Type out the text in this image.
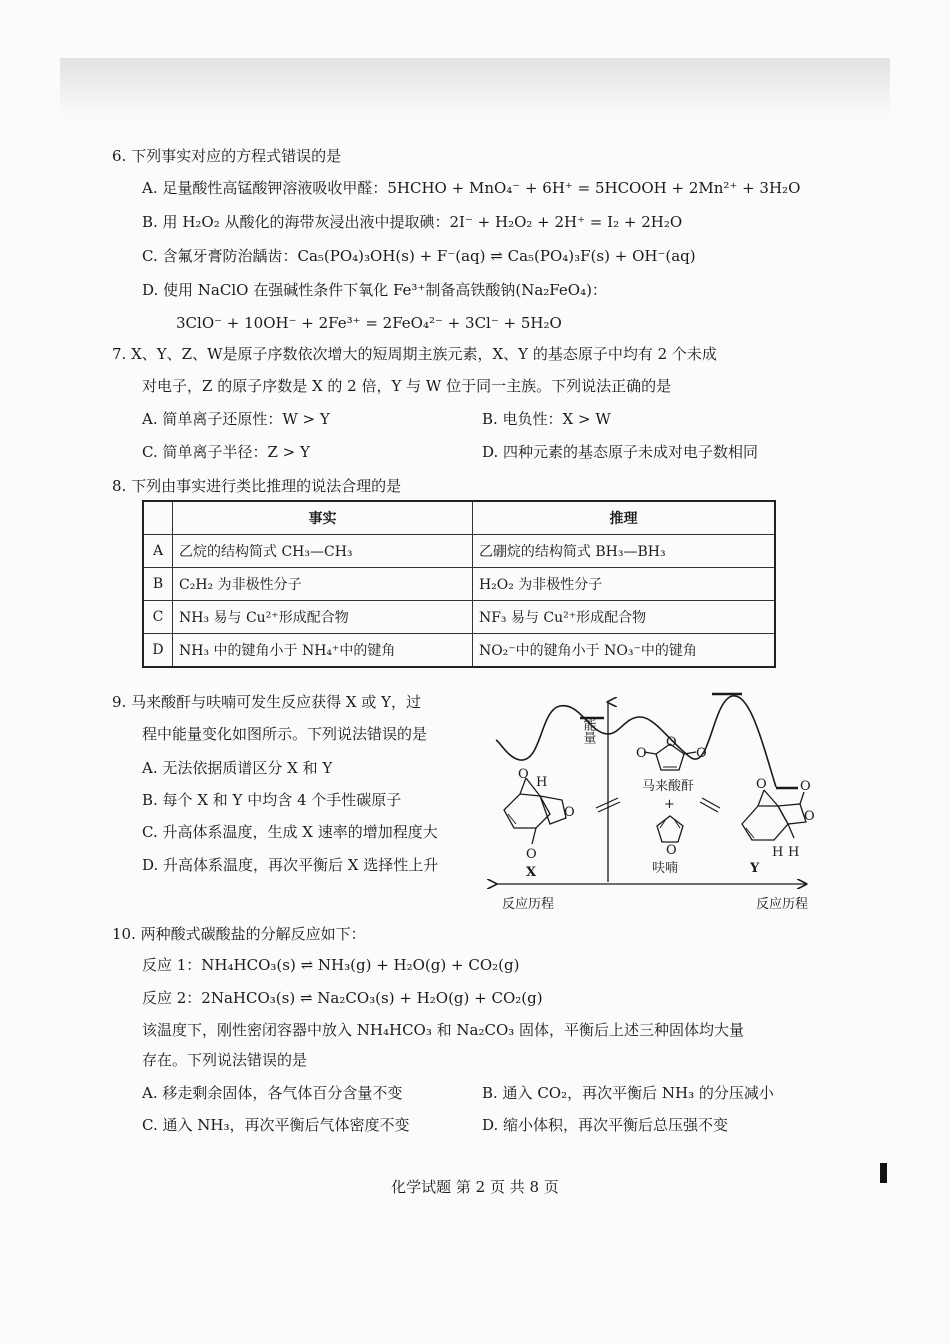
6. 下列事实对应的方程式错误的是
A. 足量酸性高锰酸钾溶液吸收甲醛：5HCHO + MnO₄⁻ + 6H⁺ = 5HCOOH + 2Mn²⁺ + 3H₂O
B. 用 H₂O₂ 从酸化的海带灰浸出液中提取碘：2I⁻ + H₂O₂ + 2H⁺ = I₂ + 2H₂O
C. 含氟牙膏防治龋齿：Ca₅(PO₄)₃OH(s) + F⁻(aq) ⇌ Ca₅(PO₄)₃F(s) + OH⁻(aq)
D. 使用 NaClO 在强碱性条件下氧化 Fe³⁺制备高铁酸钠(Na₂FeO₄)：
3ClO⁻ + 10OH⁻ + 2Fe³⁺ = 2FeO₄²⁻ + 3Cl⁻ + 5H₂O
7. X、Y、Z、W是原子序数依次增大的短周期主族元素，X、Y 的基态原子中均有 2 个未成
对电子，Z 的原子序数是 X 的 2 倍，Y 与 W 位于同一主族。下列说法正确的是
A. 简单离子还原性：W > Y	B. 电负性：X > W
C. 简单离子半径：Z > Y	D. 四种元素的基态原子未成对电子数相同
8. 下列由事实进行类比推理的说法合理的是
	事实	推理
A	乙烷的结构简式 CH₃—CH₃	乙硼烷的结构简式 BH₃—BH₃
B	C₂H₂ 为非极性分子	H₂O₂ 为非极性分子
C	NH₃ 易与 Cu²⁺形成配合物	NF₃ 易与 Cu²⁺形成配合物
D	NH₃ 中的键角小于 NH₄⁺中的键角	NO₂⁻中的键角小于 NO₃⁻中的键角
9. 马来酸酐与呋喃可发生反应获得 X 或 Y，过
程中能量变化如图所示。下列说法错误的是
A. 无法依据质谱区分 X 和 Y
B. 每个 X 和 Y 中均含 4 个手性碳原子
C. 升高体系温度，生成 X 速率的增加程度大
D. 升高体系温度，再次平衡后 X 选择性上升
能量
反应历程	反应历程
O	O
O
马来酸酐
+
O
呋喃
O
H
O
O
X
O	O
O
H H
Y
10. 两种酸式碳酸盐的分解反应如下：
反应 1：NH₄HCO₃(s) ⇌ NH₃(g) + H₂O(g) + CO₂(g)
反应 2：2NaHCO₃(s) ⇌ Na₂CO₃(s) + H₂O(g) + CO₂(g)
该温度下，刚性密闭容器中放入 NH₄HCO₃ 和 Na₂CO₃ 固体，平衡后上述三种固体均大量
存在。下列说法错误的是
A. 移走剩余固体，各气体百分含量不变	B. 通入 CO₂，再次平衡后 NH₃ 的分压减小
C. 通入 NH₃，再次平衡后气体密度不变	D. 缩小体积，再次平衡后总压强不变
化学试题 第 2 页 共 8 页
